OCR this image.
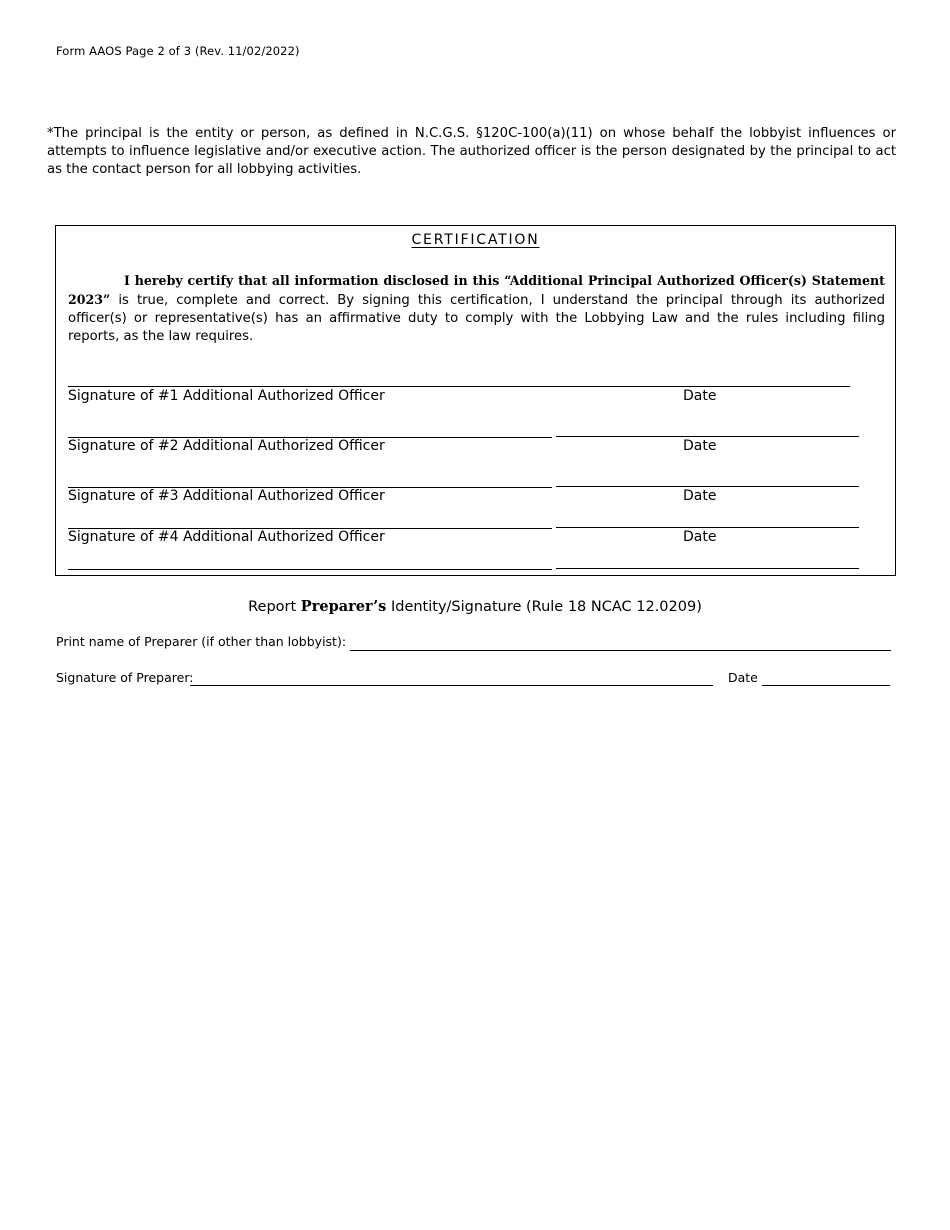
Form AAOS Page 2 of 3 (Rev. 11/02/2022)
*The principal is the entity or person, as defined in N.C.G.S. §120C-100(a)(11) on whose behalf the lobbyist influences or attempts to influence legislative and/or executive action. The authorized officer is the person designated by the principal to act as the contact person for all lobbying activities.
CERTIFICATION
I hereby certify that all information disclosed in this “Additional Principal Authorized Officer(s) Statement 2023” is true, complete and correct. By signing this certification, I understand the principal through its authorized officer(s) or representative(s) has an affirmative duty to comply with the Lobbying Law and the rules including filing reports, as the law requires.
Signature of #1 Additional Authorized Officer	Date
Signature of #2 Additional Authorized Officer	Date
Signature of #3 Additional Authorized Officer	Date
Signature of #4 Additional Authorized Officer	Date
Report Preparer’s Identity/Signature (Rule 18 NCAC 12.0209)
Print name of Preparer (if other than lobbyist):
Signature of Preparer:	Date
